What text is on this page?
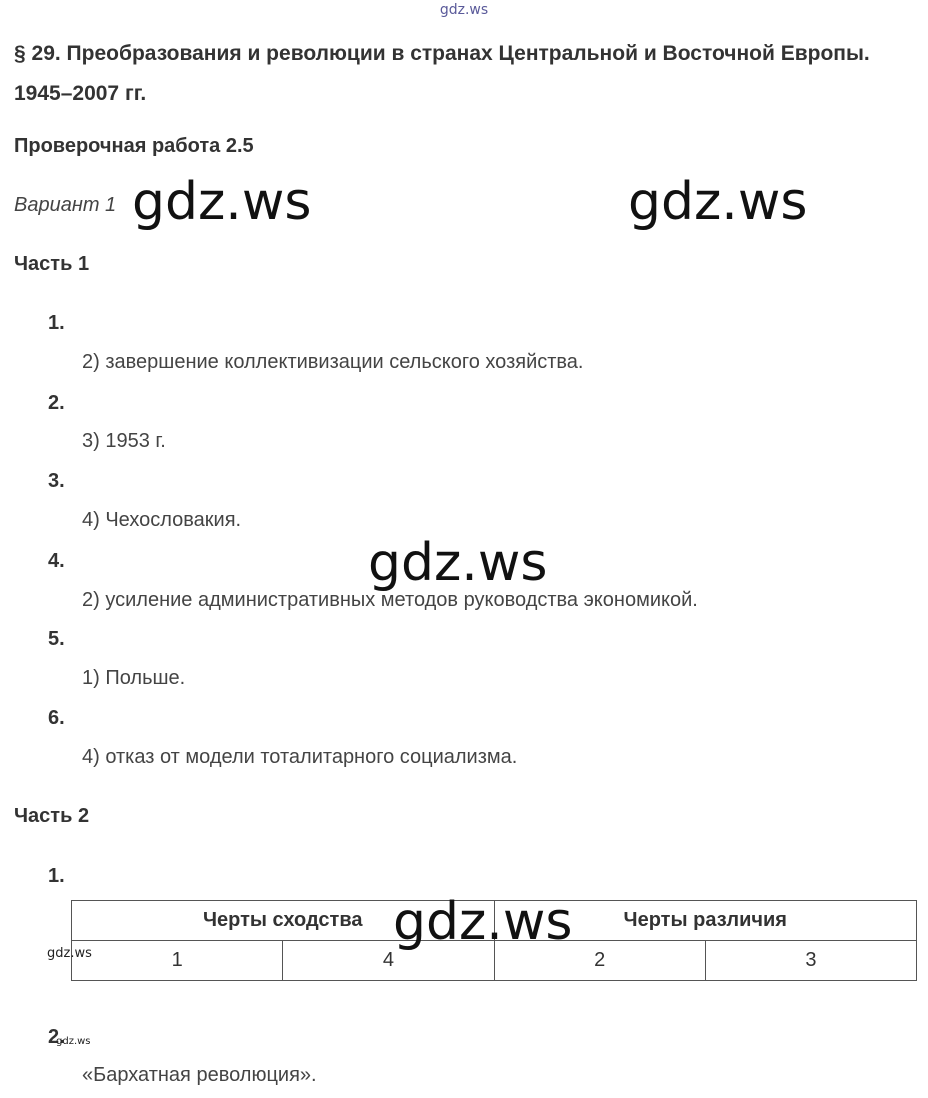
gdz.ws
§ 29. Преобразования и революции в странах Центральной и Восточной Европы. 1945–2007 гг.
Проверочная работа 2.5
Вариант 1 gdz.ws	gdz.ws
Часть 1
1.
2) завершение коллективизации сельского хозяйства.
2.
3) 1953 г.
3.
4) Чехословакия.
4.
2) усиление административных методов руководства экономикой.
5.
1) Польше.
6.
4) отказ от модели тоталитарного социализма.
gdz.ws
Часть 2
1.
Черты сходства		Черты различия	
1	4	2	3
gdz.ws
gdz.ws
2.
gdz.ws
«Бархатная революция».
